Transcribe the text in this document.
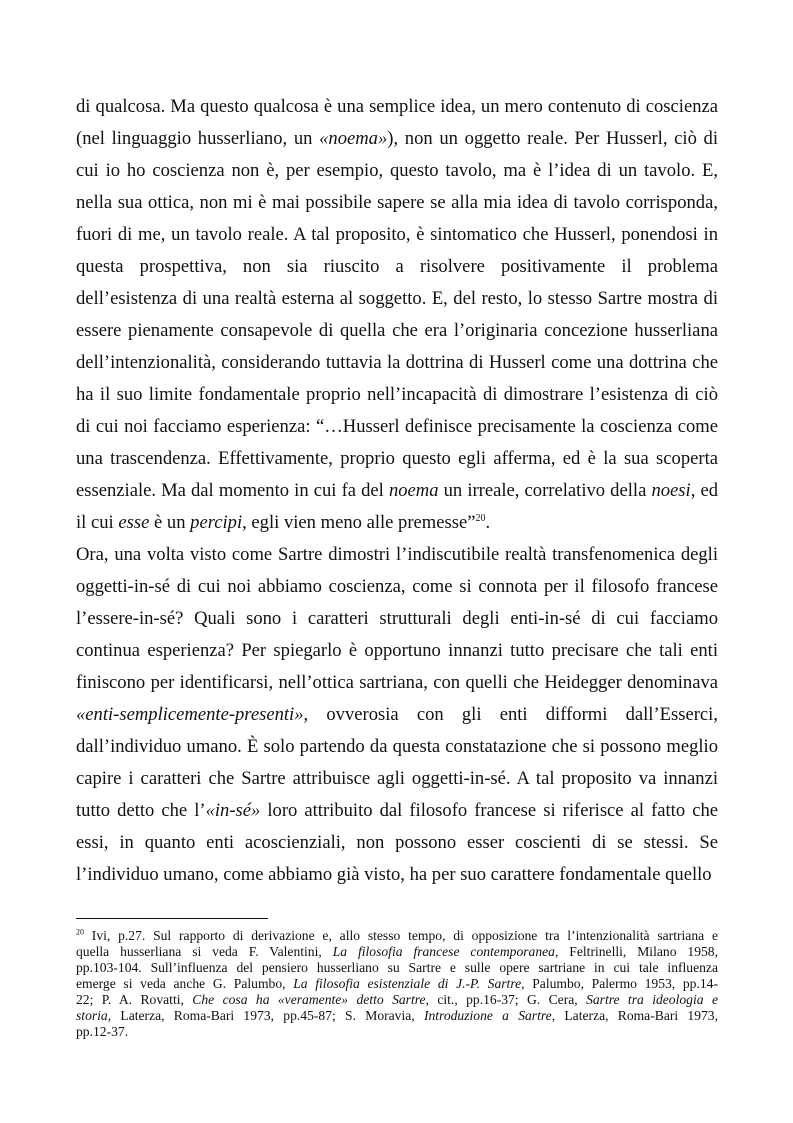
di qualcosa. Ma questo qualcosa è una semplice idea, un mero contenuto di coscienza
(nel linguaggio husserliano, un «noema»), non un oggetto reale. Per Husserl, ciò di
cui io ho coscienza non è, per esempio, questo tavolo, ma è l’idea di un tavolo. E,
nella sua ottica, non mi è mai possibile sapere se alla mia idea di tavolo corrisponda,
fuori di me, un tavolo reale. A tal proposito, è sintomatico che Husserl, ponendosi in
questa prospettiva, non sia riuscito a risolvere positivamente il problema
dell’esistenza di una realtà esterna al soggetto. E, del resto, lo stesso Sartre mostra di
essere pienamente consapevole di quella che era l’originaria concezione husserliana
dell’intenzionalità, considerando tuttavia la dottrina di Husserl come una dottrina che
ha il suo limite fondamentale proprio nell’incapacità di dimostrare l’esistenza di ciò
di cui noi facciamo esperienza: “…Husserl definisce precisamente la coscienza come
una trascendenza. Effettivamente, proprio questo egli afferma, ed è la sua scoperta
essenziale. Ma dal momento in cui fa del noema un irreale, correlativo della noesi, ed
il cui esse è un percipi, egli vien meno alle premesse”$^{20}$.
Ora, una volta visto come Sartre dimostri l’indiscutibile realtà transfenomenica degli
oggetti-in-sé di cui noi abbiamo coscienza, come si connota per il filosofo francese
l’essere-in-sé? Quali sono i caratteri strutturali degli enti-in-sé di cui facciamo
continua esperienza? Per spiegarlo è opportuno innanzi tutto precisare che tali enti
finiscono per identificarsi, nell’ottica sartriana, con quelli che Heidegger denominava
«enti-semplicemente-presenti», ovverosia con gli enti difformi dall’Esserci,
dall’individuo umano. È solo partendo da questa constatazione che si possono meglio
capire i caratteri che Sartre attribuisce agli oggetti-in-sé. A tal proposito va innanzi
tutto detto che l’«in-sé» loro attribuito dal filosofo francese si riferisce al fatto che
essi, in quanto enti acoscienziali, non possono esser coscienti di se stessi. Se
l’individuo umano, come abbiamo già visto, ha per suo carattere fondamentale quello
$^{20}$ Ivi, p.27. Sul rapporto di derivazione e, allo stesso tempo, di opposizione tra l’intenzionalità sartriana e
quella husserliana si veda F. Valentini, La filosofia francese contemporanea, Feltrinelli, Milano 1958,
pp.103-104. Sull’influenza del pensiero husserliano su Sartre e sulle opere sartriane in cui tale influenza
emerge si veda anche G. Palumbo, La filosofia esistenziale di J.-P. Sartre, Palumbo, Palermo 1953, pp.14-
22; P. A. Rovatti, Che cosa ha «veramente» detto Sartre, cit., pp.16-37; G. Cera, Sartre tra ideologia e
storia, Laterza, Roma-Bari 1973, pp.45-87; S. Moravia, Introduzione a Sartre, Laterza, Roma-Bari 1973,
pp.12-37.
